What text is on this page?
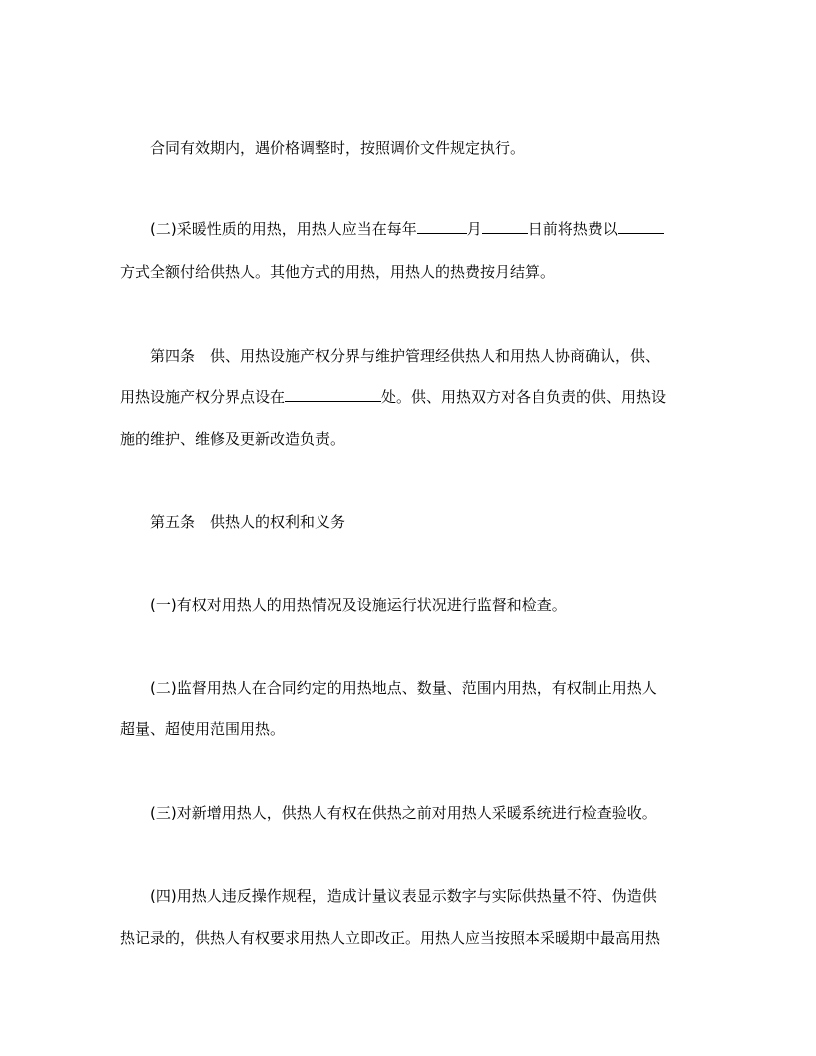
合同有效期内，遇价格调整时，按照调价文件规定执行。
(二)采暖性质的用热，用热人应当在每年	月	日前将热费以
方式全额付给供热人。其他方式的用热，用热人的热费按月结算。
第四条　供、用热设施产权分界与维护管理经供热人和用热人协商确认，供、
用热设施产权分界点设在	处。供、用热双方对各自负责的供、用热设
施的维护、维修及更新改造负责。
第五条　供热人的权利和义务
(一)有权对用热人的用热情况及设施运行状况进行监督和检查。
(二)监督用热人在合同约定的用热地点、数量、范围内用热，有权制止用热人
超量、超使用范围用热。
(三)对新增用热人，供热人有权在供热之前对用热人采暖系统进行检查验收。
(四)用热人违反操作规程，造成计量议表显示数字与实际供热量不符、伪造供
热记录的，供热人有权要求用热人立即改正。用热人应当按照本采暖期中最高用热
